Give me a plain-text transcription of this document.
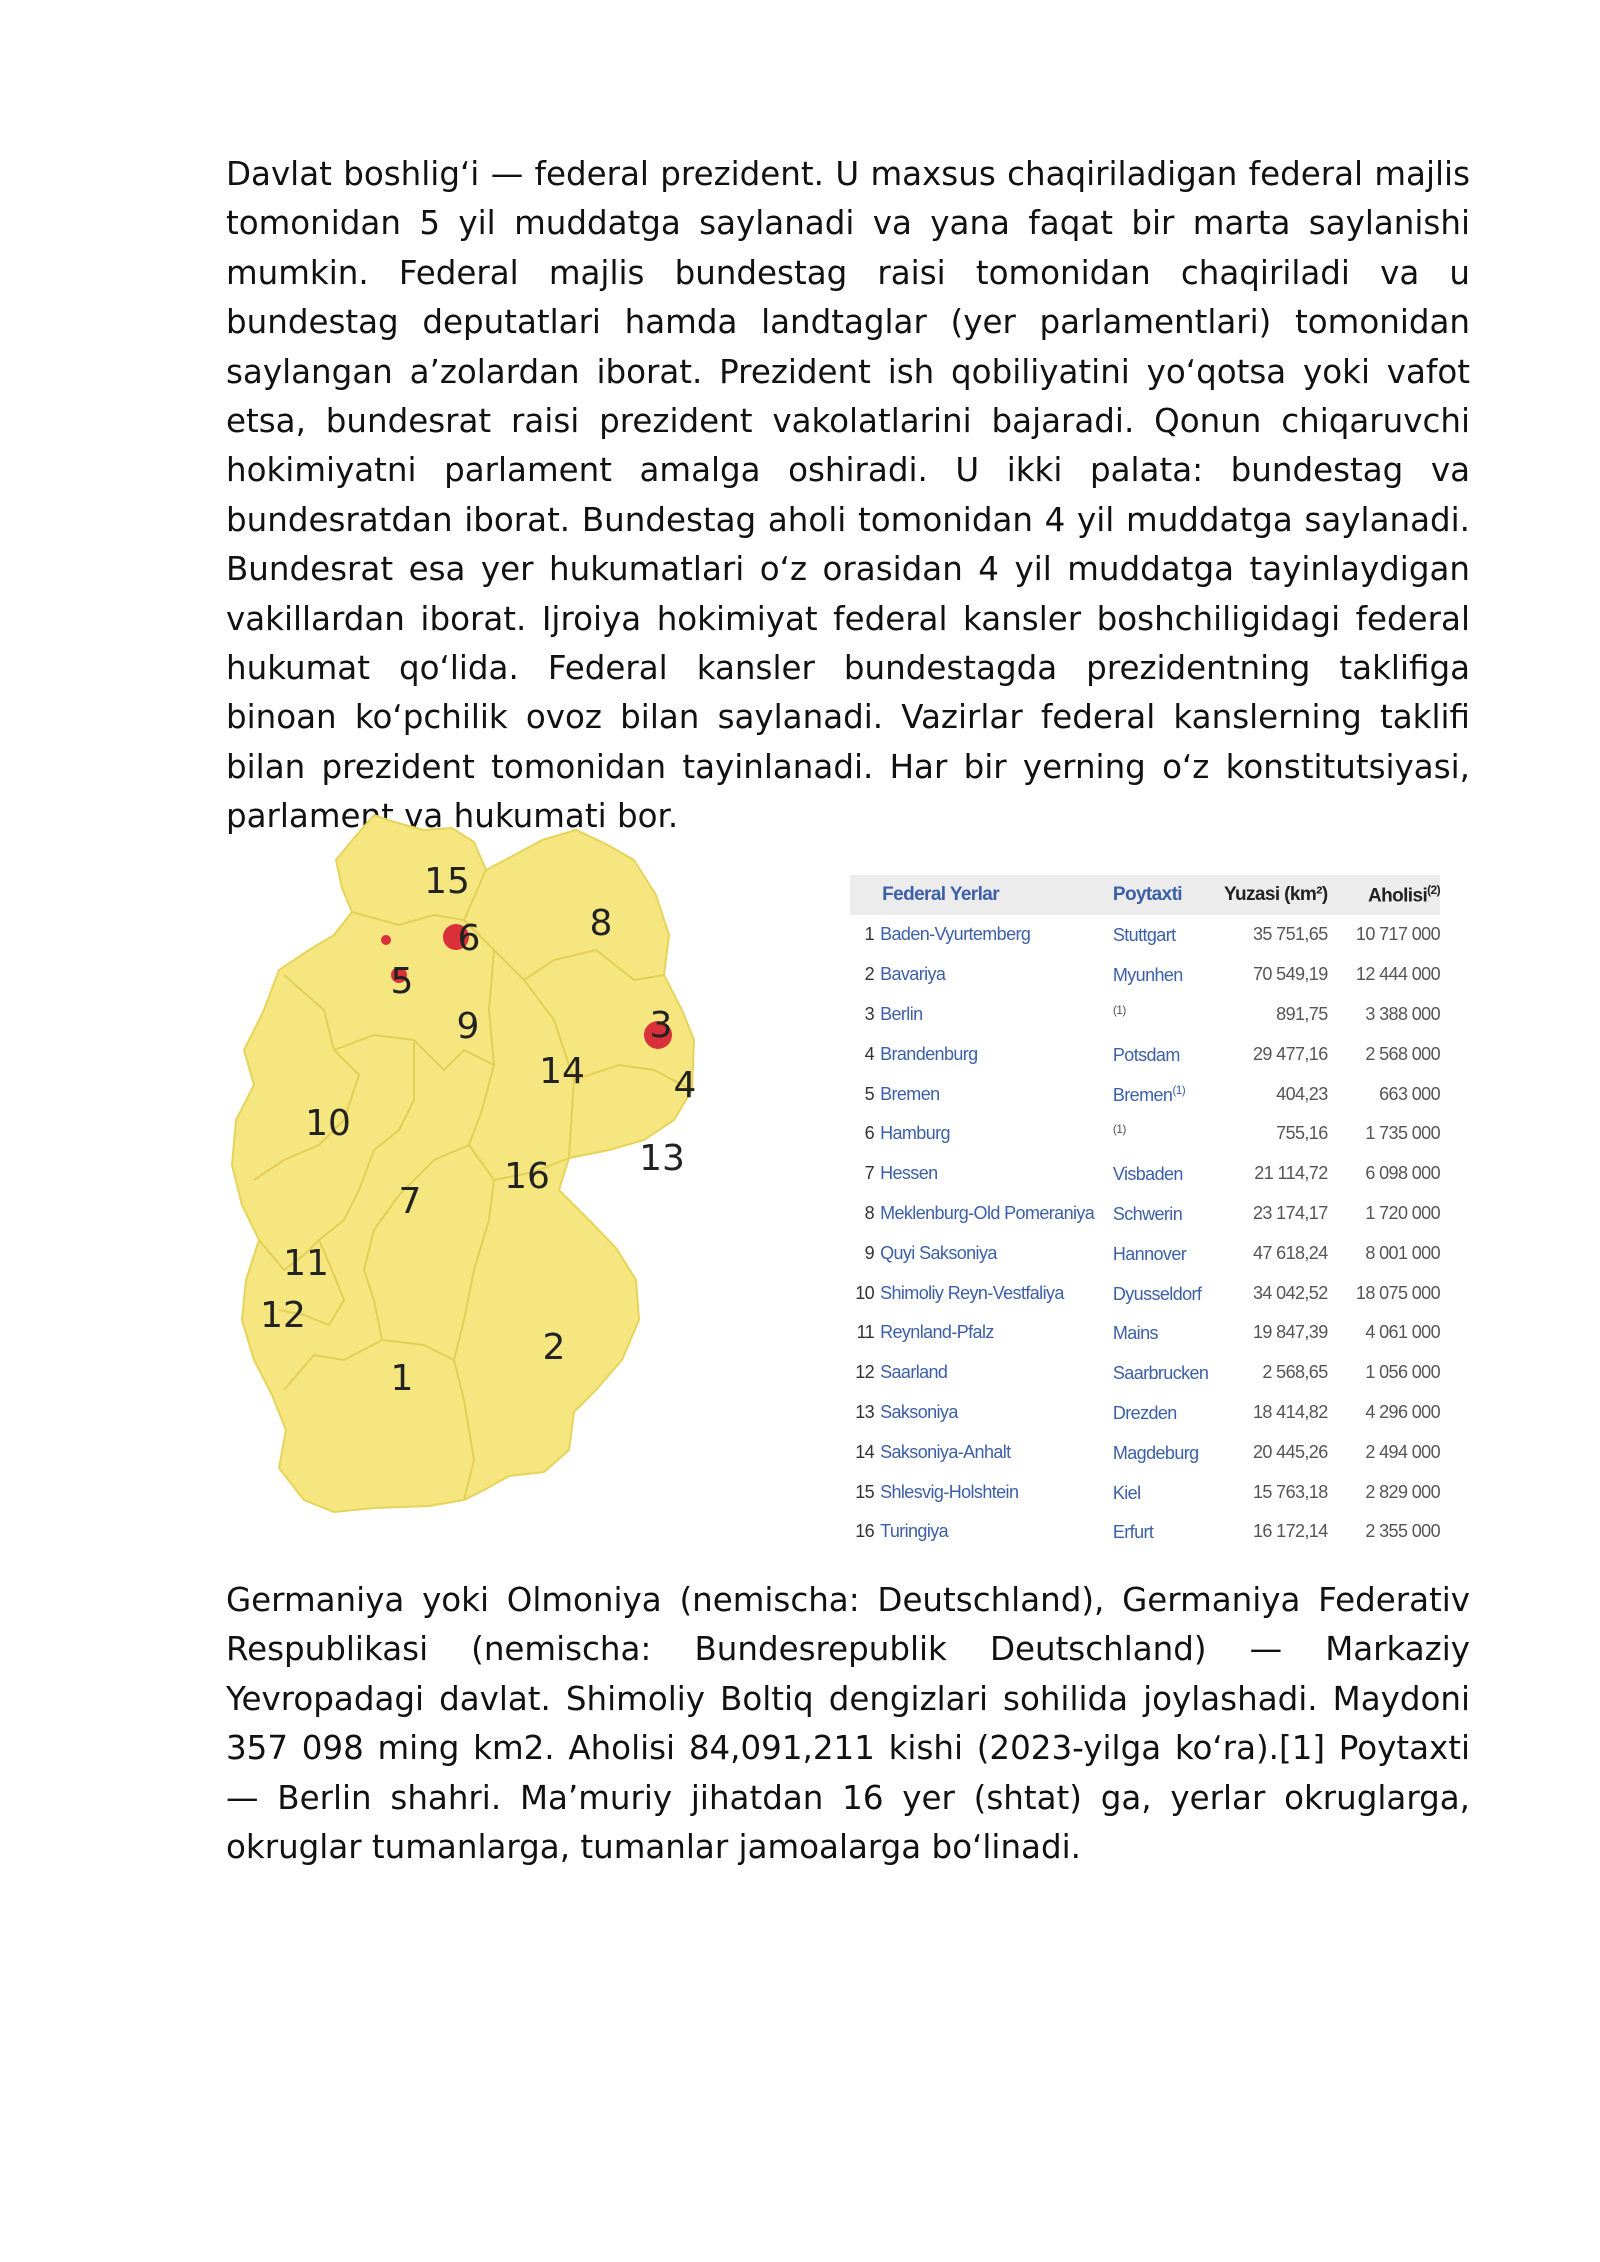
Davlat boshligʻi — federal prezident. U maxsus chaqiriladigan federal majlis tomonidan 5 yil muddatga saylanadi va yana faqat bir marta saylanishi mumkin. Federal majlis bundestag raisi tomonidan chaqiriladi va u bundestag deputatlari hamda landtaglar (yer parlamentlari) tomonidan saylangan a’zolardan iborat. Prezident ish qobiliyatini yoʻqotsa yoki vafot etsa, bundesrat raisi prezident vakolatlarini bajaradi. Qonun chiqaruvchi hokimiyatni parlament amalga oshiradi. U ikki palata: bundestag va bundesratdan iborat. Bundestag aholi tomonidan 4 yil muddatga saylanadi. Bundesrat esa yer hukumatlari oʻz orasidan 4 yil muddatga tayinlaydigan vakillardan iborat. Ijroiya hokimiyat federal kansler boshchiligidagi federal hukumat qoʻlida. Federal kansler bundestagda prezidentning taklifiga binoan koʻpchilik ovoz bilan saylanadi. Vazirlar federal kanslerning taklifi bilan prezident tomonidan tayinlanadi. Har bir yerning oʻz konstitutsiyasi, parlament va hukumati bor.

15
6	8
5
9	3
14 4
10
13
16
7
11
12
2
1
	Federal Yerlar	Poytaxti	Yuzasi (km²)	Aholisi$^{(2)}$
1	Baden-Vyurtemberg	Stuttgart	35 751,65	10 717 000
2	Bavariya	Myunhen	70 549,19	12 444 000
3	Berlin	$^{(1)}$	891,75	3 388 000
4	Brandenburg	Potsdam	29 477,16	2 568 000
5	Bremen	Bremen$^{(1)}$	404,23	663 000
6	Hamburg	$^{(1)}$	755,16	1 735 000
7	Hessen	Visbaden	21 114,72	6 098 000
8	Meklenburg-Old Pomeraniya	Schwerin	23 174,17	1 720 000
9	Quyi Saksoniya	Hannover	47 618,24	8 001 000
10	Shimoliy Reyn-Vestfaliya	Dyusseldorf	34 042,52	18 075 000
11	Reynland-Pfalz	Mains	19 847,39	4 061 000
12	Saarland	Saarbrucken	2 568,65	1 056 000
13	Saksoniya	Drezden	18 414,82	4 296 000
14	Saksoniya-Anhalt	Magdeburg	20 445,26	2 494 000
15	Shlesvig-Holshtein	Kiel	15 763,18	2 829 000
16	Turingiya	Erfurt	16 172,14	2 355 000

Germaniya yoki Olmoniya (nemischa: Deutschland), Germaniya Federativ Respublikasi (nemischa: Bundesrepublik Deutschland) — Markaziy Yevropadagi davlat. Shimoliy Boltiq dengizlari sohilida joylashadi. Maydoni 357 098 ming km2. Aholisi 84,091,211 kishi (2023-yilga koʻra).[1] Poytaxti — Berlin shahri. Maʼmuriy jihatdan 16 yer (shtat) ga, yerlar okruglarga, okruglar tumanlarga, tumanlar jamoalarga boʻlinadi.
